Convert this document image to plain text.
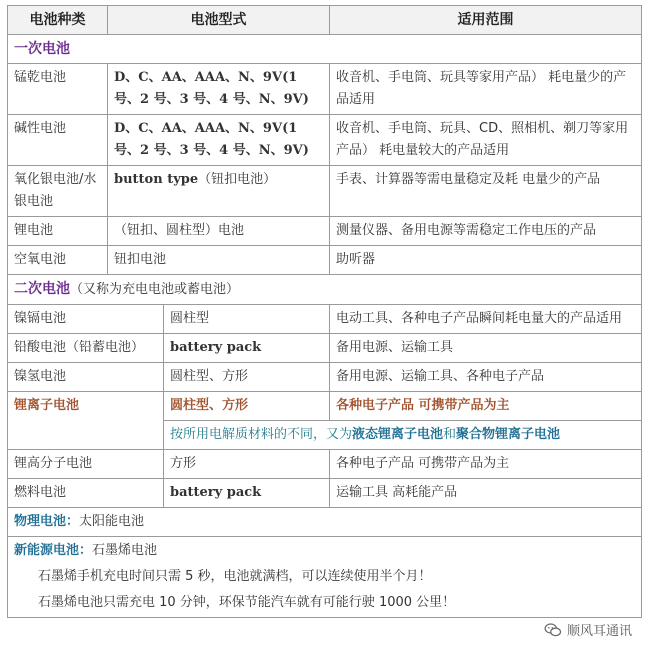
电池种类	电池型式		适用范围
一次电池			
锰乾电池	D、C、AA、AAA、N、9V(1 号、2 号、3 号、4 号、N、9V)		收音机、手电筒、玩具等家用产品） 耗电量少的产品适用
碱性电池	D、C、AA、AAA、N、9V(1 号、2 号、3 号、4 号、N、9V)		收音机、手电筒、玩具、CD、照相机、剃刀等家用产品） 耗电量较大的产品适用
氧化银电池/水银电池	button type（钮扣电池）		手表、计算器等需电量稳定及耗 电量少的产品
锂电池	（钮扣、圆柱型）电池		测量仪器、备用电源等需稳定工作电压的产品
空氧电池	钮扣电池		助听器
二次电池（又称为充电电池或蓄电池）			
镍镉电池		圆柱型	电动工具、各种电子产品瞬间耗电量大的产品适用
铅酸电池（铅蓄电池）		battery pack	备用电源、运输工具
镍氢电池		圆柱型、方形	备用电源、运输工具、各种电子产品
锂离子电池		圆柱型、方形	各种电子产品 可携带产品为主
		按所用电解质材料的不同，又为液态锂离子电池和聚合物锂离子电池	
锂高分子电池		方形	各种电子产品 可携带产品为主
燃料电池		battery pack	运输工具 高耗能产品
物理电池：太阳能电池			

新能源电池：石墨烯电池
石墨烯手机充电时间只需 5 秒，电池就满档，可以连续使用半个月！
石墨烯电池只需充电 10 分钟，环保节能汽车就有可能行驶 1000 公里！			
顺风耳通讯
